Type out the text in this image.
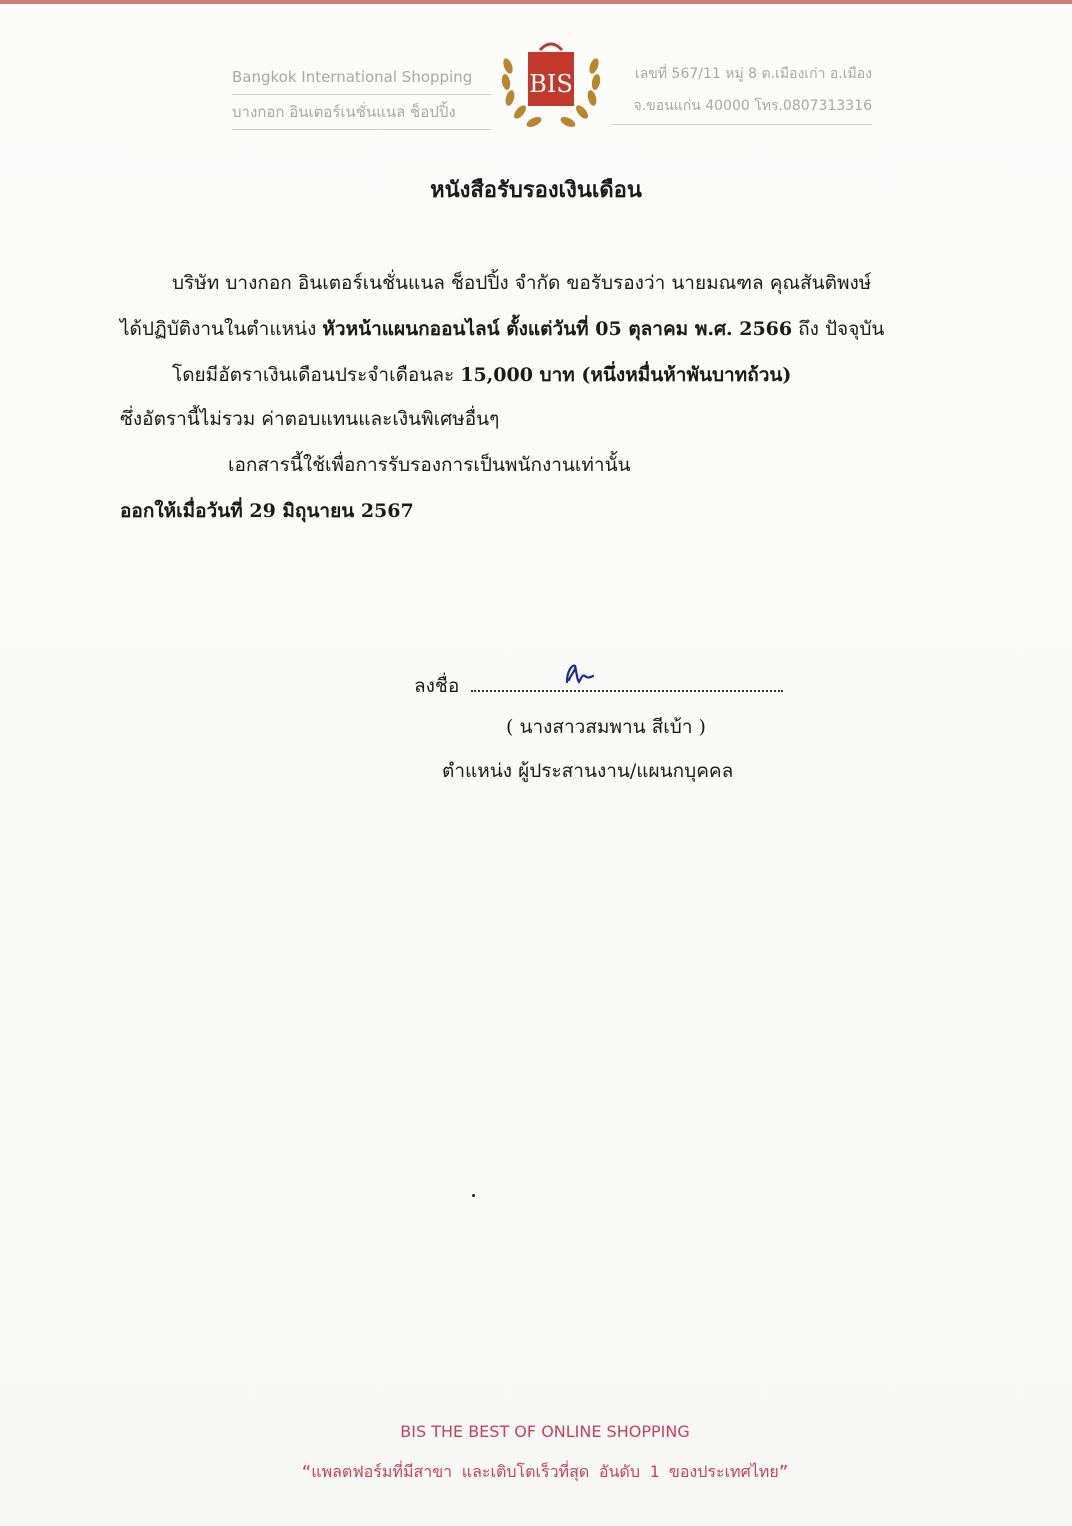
Bangkok International Shopping
บางกอก อินเตอร์เนชั่นแนล ช็อปปิ้ง
BIS	เลขที่ 567/11 หมู่ 8 ต.เมืองเก่า อ.เมือง
จ.ขอนแก่น 40000 โทร.0807313316
หนังสือรับรองเงินเดือน
บริษัท บางกอก อินเตอร์เนชั่นแนล ช็อปปิ้ง จำกัด ขอรับรองว่า นายมณฑล คุณสันติพงษ์
ได้ปฏิบัติงานในตำแหน่ง หัวหน้าแผนกออนไลน์ ตั้งแต่วันที่ 05 ตุลาคม พ.ศ. 2566 ถึง ปัจจุบัน
โดยมีอัตราเงินเดือนประจำเดือนละ 15,000 บาท (หนึ่งหมื่นห้าพันบาทถ้วน)
ซึ่งอัตรานี้ไม่รวม ค่าตอบแทนและเงินพิเศษอื่นๆ
เอกสารนี้ใช้เพื่อการรับรองการเป็นพนักงานเท่านั้น
ออกให้เมื่อวันที่ 29 มิถุนายน 2567
ลงชื่อ
( นางสาวสมพาน สีเบ้า )
ตำแหน่ง ผู้ประสานงาน/แผนกบุคคล
BIS THE BEST OF ONLINE SHOPPING
“แพลตฟอร์มที่มีสาขา และเติบโตเร็วที่สุด อันดับ 1 ของประเทศไทย”
